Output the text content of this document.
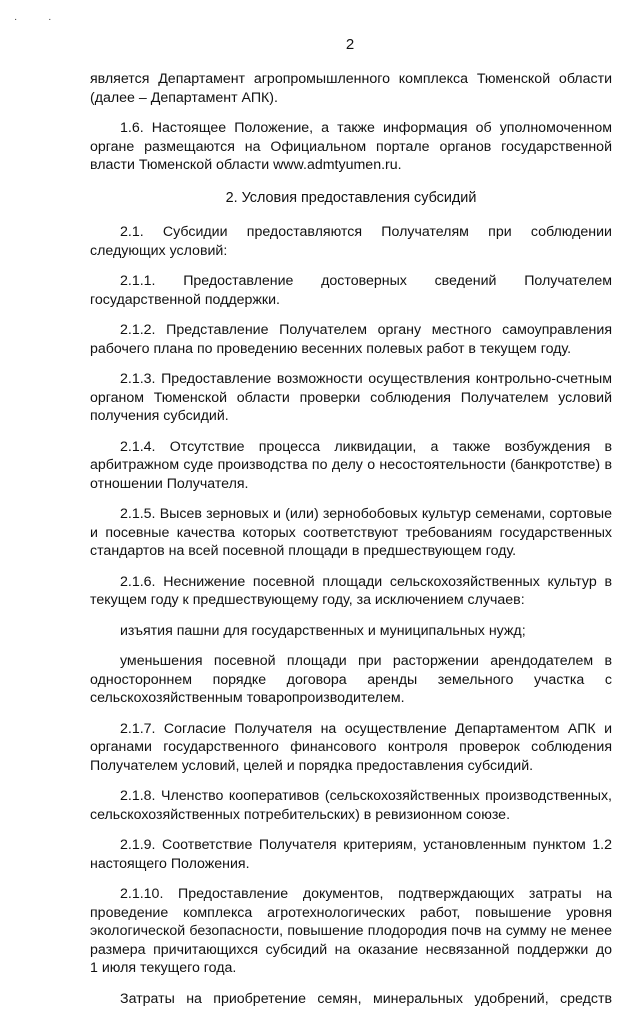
· ·
2
является Департамент агропромышленного комплекса Тюменской области
(далее – Департамент АПК).
1.6. Настоящее Положение, а также информация об уполномоченном
органе размещаются на Официальном портале органов государственной
власти Тюменской области www.admtyumen.ru.
2. Условия предоставления субсидий
2.1. Субсидии предоставляются Получателям при соблюдении
следующих условий:
2.1.1. Предоставление достоверных сведений Получателем
государственной поддержки.
2.1.2. Представление Получателем органу местного самоуправления
рабочего плана по проведению весенних полевых работ в текущем году.
2.1.3. Предоставление возможности осуществления контрольно-счетным
органом Тюменской области проверки соблюдения Получателем условий
получения субсидий.
2.1.4. Отсутствие процесса ликвидации, а также возбуждения в
арбитражном суде производства по делу о несостоятельности (банкротстве) в
отношении Получателя.
2.1.5. Высев зерновых и (или) зернобобовых культур семенами, сортовые
и посевные качества которых соответствуют требованиям государственных
стандартов на всей посевной площади в предшествующем году.
2.1.6. Неснижение посевной площади сельскохозяйственных культур в
текущем году к предшествующему году, за исключением случаев:
изъятия пашни для государственных и муниципальных нужд;
уменьшения посевной площади при расторжении арендодателем в
одностороннем порядке договора аренды земельного участка с
сельскохозяйственным товаропроизводителем.
2.1.7. Согласие Получателя на осуществление Департаментом АПК и
органами государственного финансового контроля проверок соблюдения
Получателем условий, целей и порядка предоставления субсидий.
2.1.8. Членство кооперативов (сельскохозяйственных производственных,
сельскохозяйственных потребительских) в ревизионном союзе.
2.1.9. Соответствие Получателя критериям, установленным пунктом 1.2
настоящего Положения.
2.1.10. Предоставление документов, подтверждающих затраты на
проведение комплекса агротехнологических работ, повышение уровня
экологической безопасности, повышение плодородия почв на сумму не менее
размера причитающихся субсидий на оказание несвязанной поддержки до
1 июля текущего года.
Затраты на приобретение семян, минеральных удобрений, средств
